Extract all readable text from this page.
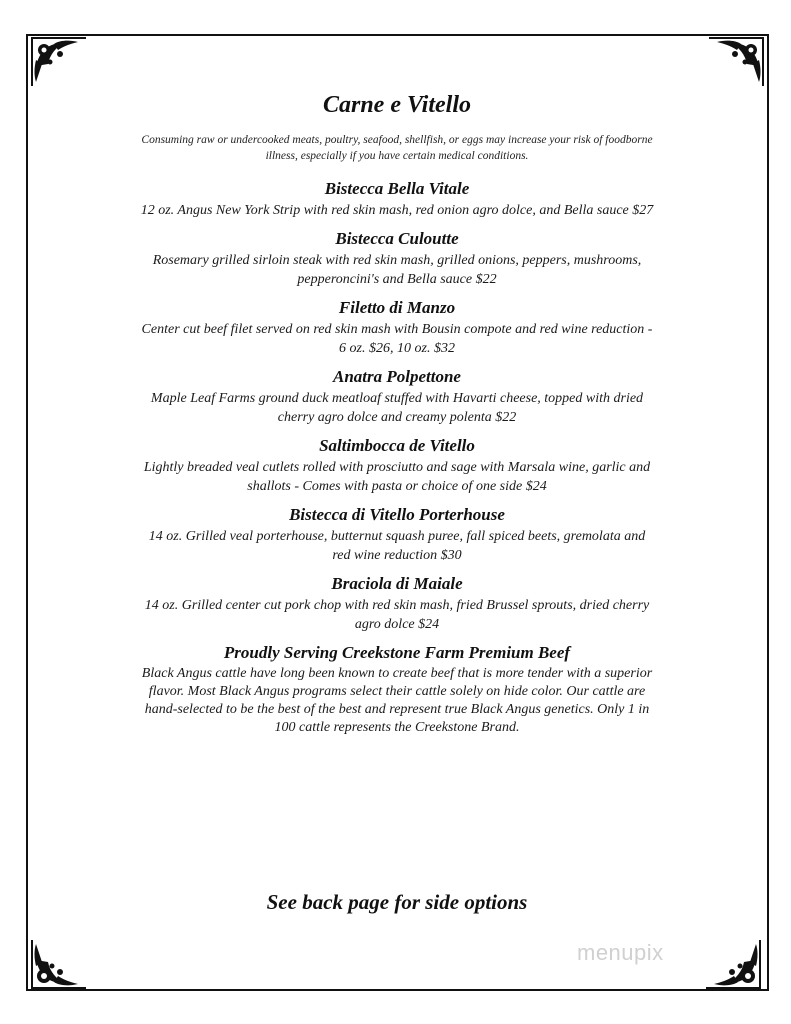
Carne e Vitello

Consuming raw or undercooked meats, poultry, seafood, shellfish, or eggs may increase your risk of foodborne illness, especially if you have certain medical conditions.

Bistecca Bella Vitale

12 oz. Angus New York Strip with red skin mash, red onion agro dolce, and Bella sauce $27

Bistecca Culoutte

Rosemary grilled sirloin steak with red skin mash, grilled onions, peppers, mushrooms, pepperoncini's and Bella sauce $22

Filetto di Manzo

Center cut beef filet served on red skin mash with Bousin compote and red wine reduction - 6 oz. $26, 10 oz. $32

Anatra Polpettone

Maple Leaf Farms ground duck meatloaf stuffed with Havarti cheese, topped with dried cherry agro dolce and creamy polenta $22

Saltimbocca de Vitello

Lightly breaded veal cutlets rolled with prosciutto and sage with Marsala wine, garlic and shallots - Comes with pasta or choice of one side $24

Bistecca di Vitello Porterhouse

14 oz. Grilled veal porterhouse, butternut squash puree, fall spiced beets, gremolata and red wine reduction $30

Braciola di Maiale

14 oz. Grilled center cut pork chop with red skin mash, fried Brussel sprouts, dried cherry agro dolce $24

Proudly Serving Creekstone Farm Premium Beef

Black Angus cattle have long been known to create beef that is more tender with a superior flavor. Most Black Angus programs select their cattle solely on hide color. Our cattle are hand-selected to be the best of the best and represent true Black Angus genetics. Only 1 in 100 cattle represents the Creekstone Brand.

See back page for side options
menupix
